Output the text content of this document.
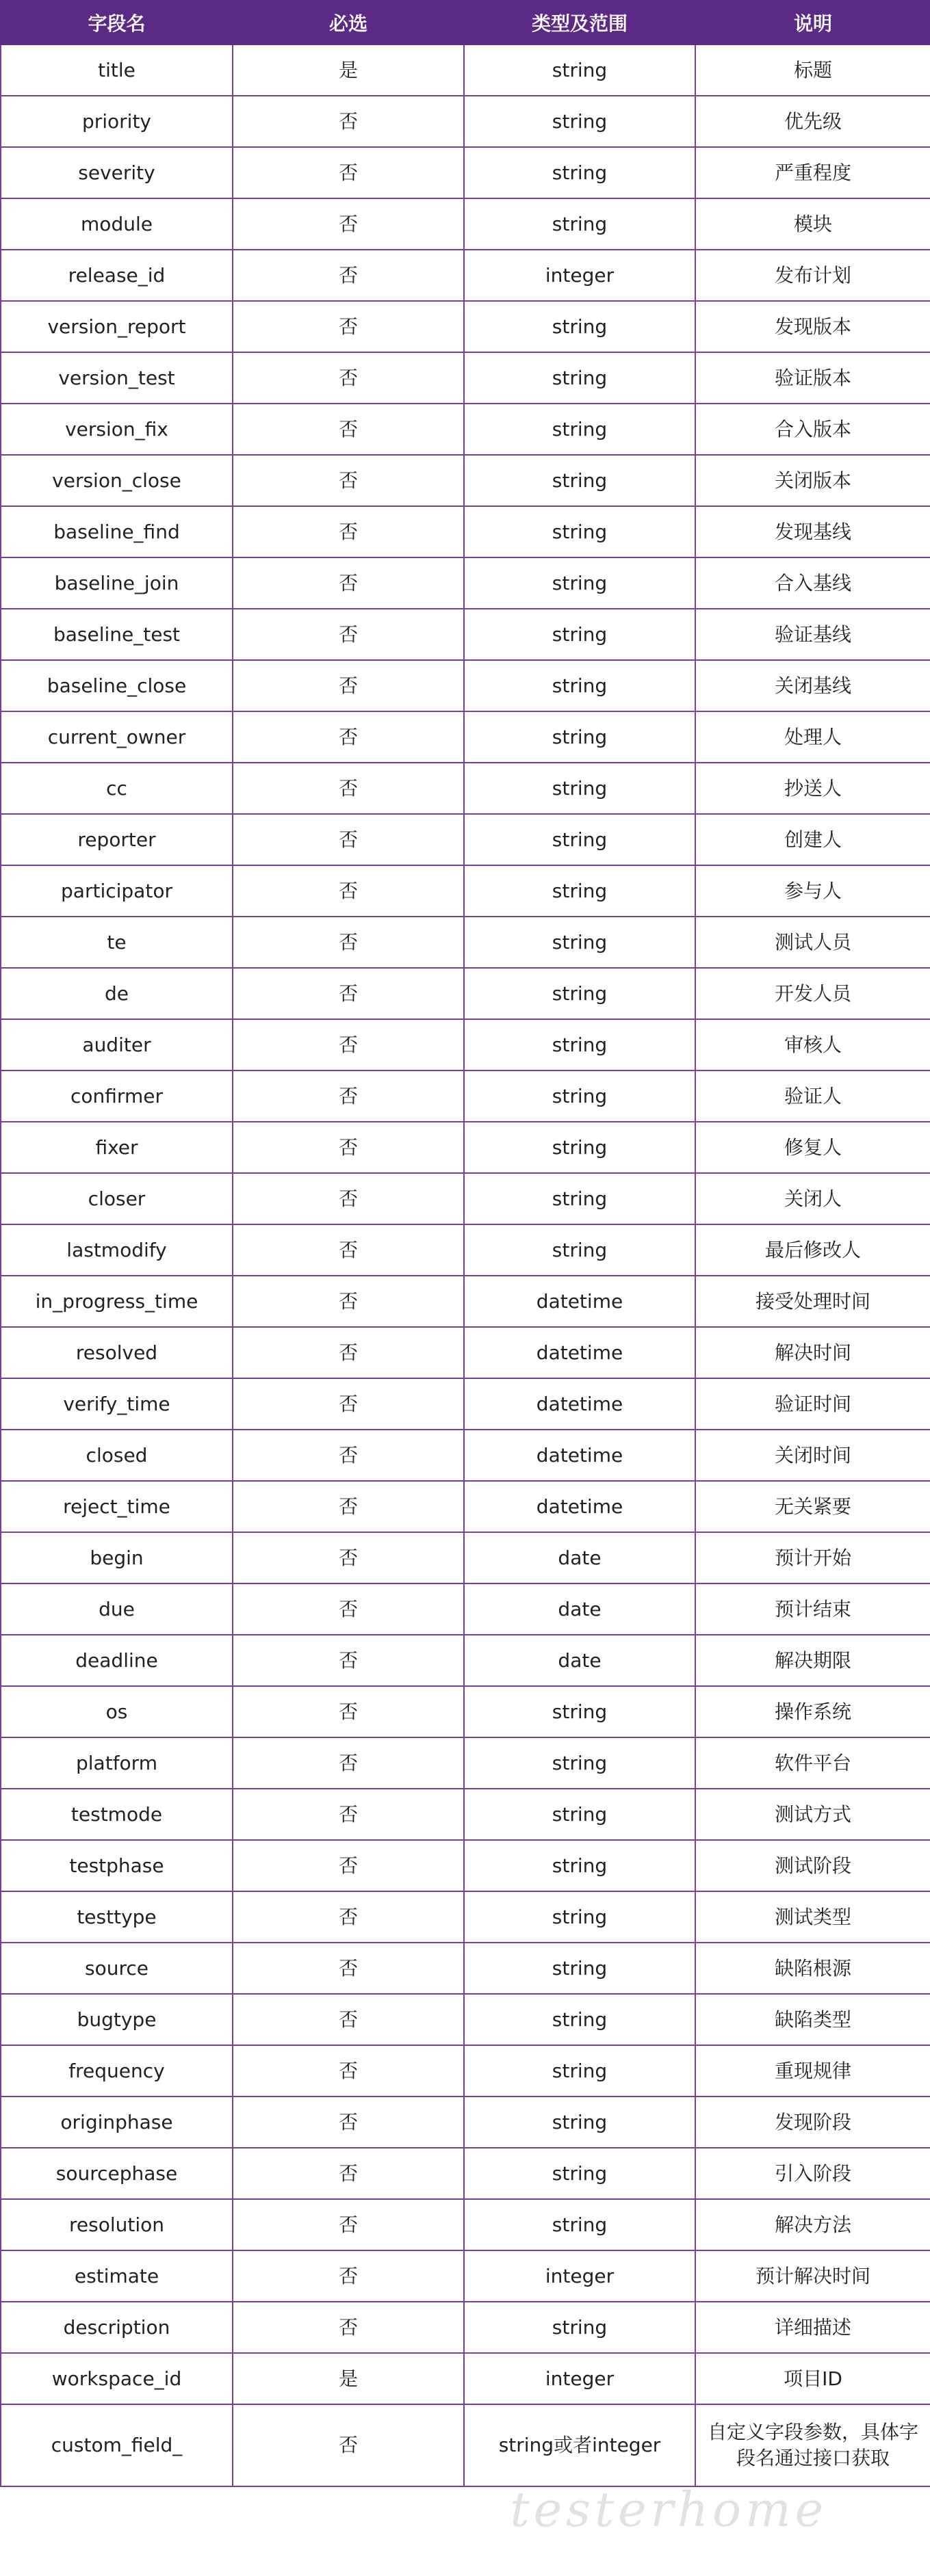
字段名	必选	类型及范围	说明
title	是	string	标题
priority	否	string	优先级
severity	否	string	严重程度
module	否	string	模块
release_id	否	integer	发布计划
version_report	否	string	发现版本
version_test	否	string	验证版本
version_fix	否	string	合入版本
version_close	否	string	关闭版本
baseline_find	否	string	发现基线
baseline_join	否	string	合入基线
baseline_test	否	string	验证基线
baseline_close	否	string	关闭基线
current_owner	否	string	处理人
cc	否	string	抄送人
reporter	否	string	创建人
participator	否	string	参与人
te	否	string	测试人员
de	否	string	开发人员
auditer	否	string	审核人
confirmer	否	string	验证人
fixer	否	string	修复人
closer	否	string	关闭人
lastmodify	否	string	最后修改人
in_progress_time	否	datetime	接受处理时间
resolved	否	datetime	解决时间
verify_time	否	datetime	验证时间
closed	否	datetime	关闭时间
reject_time	否	datetime	无关紧要
begin	否	date	预计开始
due	否	date	预计结束
deadline	否	date	解决期限
os	否	string	操作系统
platform	否	string	软件平台
testmode	否	string	测试方式
testphase	否	string	测试阶段
testtype	否	string	测试类型
source	否	string	缺陷根源
bugtype	否	string	缺陷类型
frequency	否	string	重现规律
originphase	否	string	发现阶段
sourcephase	否	string	引入阶段
resolution	否	string	解决方法
estimate	否	integer	预计解决时间
description	否	string	详细描述
workspace_id	是	integer	项目ID
custom_field_	否	string或者integer	自定义字段参数，具体字段名通过接口获取
testerhome
